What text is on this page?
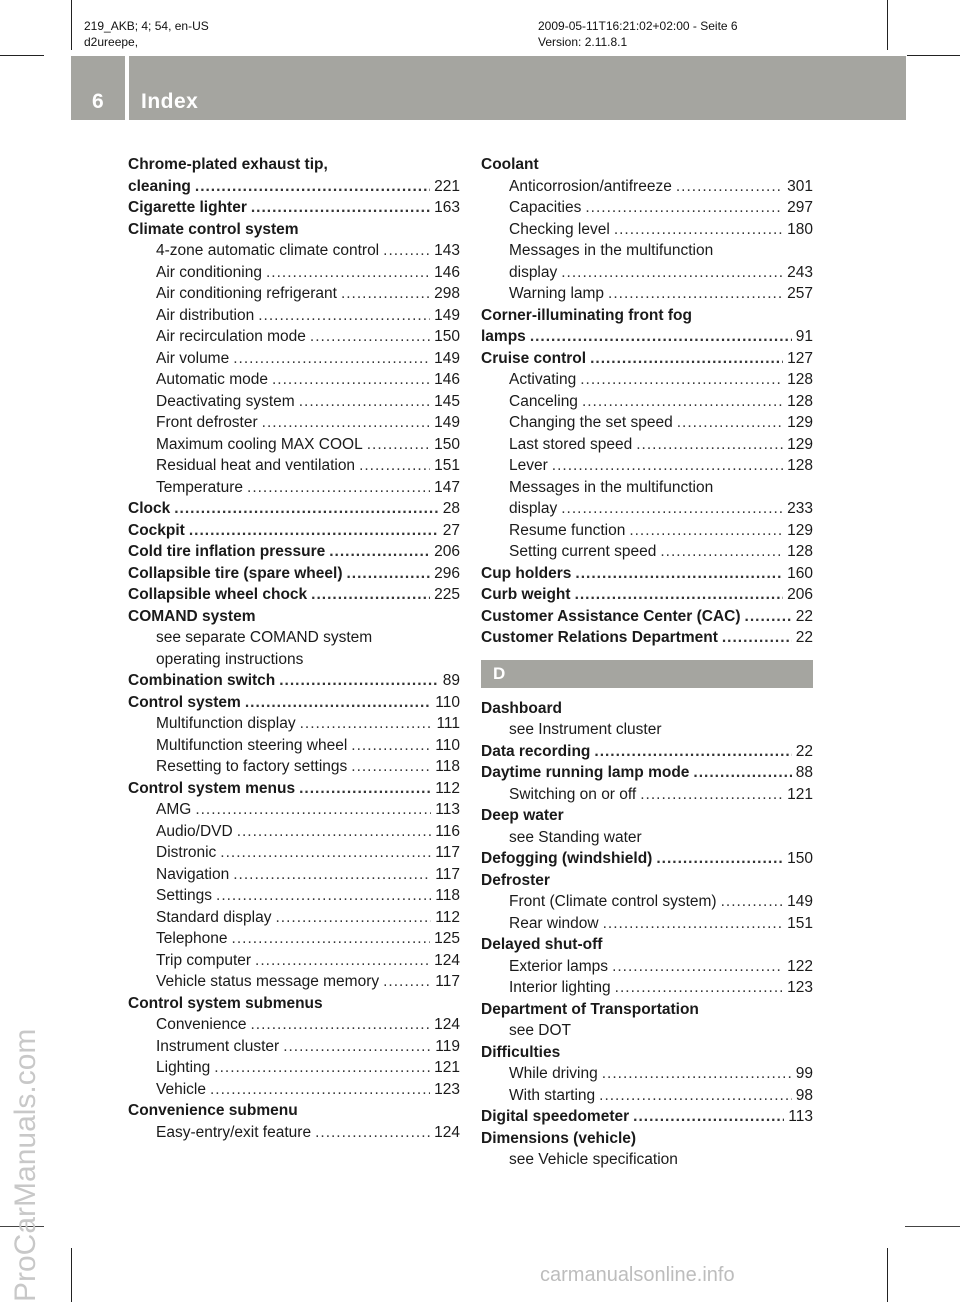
219_AKB; 4; 54, en-US
d2ureepe,
2009-05-11T16:21:02+02:00 - Seite 6
Version: 2.11.8.1
6 Index
ProCarManuals.com	carmanualsonline.info
Chrome-plated exhaust tip,
cleaning .....	221
Cigarette lighter .....	163
Climate control system
4-zone automatic climate control .....	143
Air conditioning .....	146
Air conditioning refrigerant .....	298
Air distribution .....	149
Air recirculation mode .....	150
Air volume .....	149
Automatic mode .....	146
Deactivating system .....	145
Front defroster .....	149
Maximum cooling MAX COOL .....	150
Residual heat and ventilation .....	151
Temperature .....	147
Clock .....	28
Cockpit .....	27
Cold tire inflation pressure .....	206
Collapsible tire (spare wheel) .....	296
Collapsible wheel chock .....	225
COMAND system
see separate COMAND system
operating instructions
Combination switch .....	89
Control system .....	110
Multifunction display .....	111
Multifunction steering wheel .....	110
Resetting to factory settings .....	118
Control system menus .....	112
AMG .....	113
Audio/DVD .....	116
Distronic .....	117
Navigation .....	117
Settings .....	118
Standard display .....	112
Telephone .....	125
Trip computer .....	124
Vehicle status message memory .....	117
Control system submenus
Convenience .....	124
Instrument cluster .....	119
Lighting .....	121
Vehicle .....	123
Convenience submenu
Easy-entry/exit feature .....	124
Coolant
Anticorrosion/antifreeze .....	301
Capacities .....	297
Checking level .....	180
Messages in the multifunction
display .....	243
Warning lamp .....	257
Corner-illuminating front fog
lamps .....	91
Cruise control .....	127
Activating .....	128
Canceling .....	128
Changing the set speed .....	129
Last stored speed .....	129
Lever .....	128
Messages in the multifunction
display .....	233
Resume function .....	129
Setting current speed .....	128
Cup holders .....	160
Curb weight .....	206
Customer Assistance Center (CAC) .....	22
Customer Relations Department .....	22
D
Dashboard
see Instrument cluster
Data recording .....	22
Daytime running lamp mode .....	88
Switching on or off .....	121
Deep water
see Standing water
Defogging (windshield) .....	150
Defroster
Front (Climate control system) .....	149
Rear window .....	151
Delayed shut-off
Exterior lamps .....	122
Interior lighting .....	123
Department of Transportation
see DOT
Difficulties
While driving .....	99
With starting .....	98
Digital speedometer .....	113
Dimensions (vehicle)
see Vehicle specification
